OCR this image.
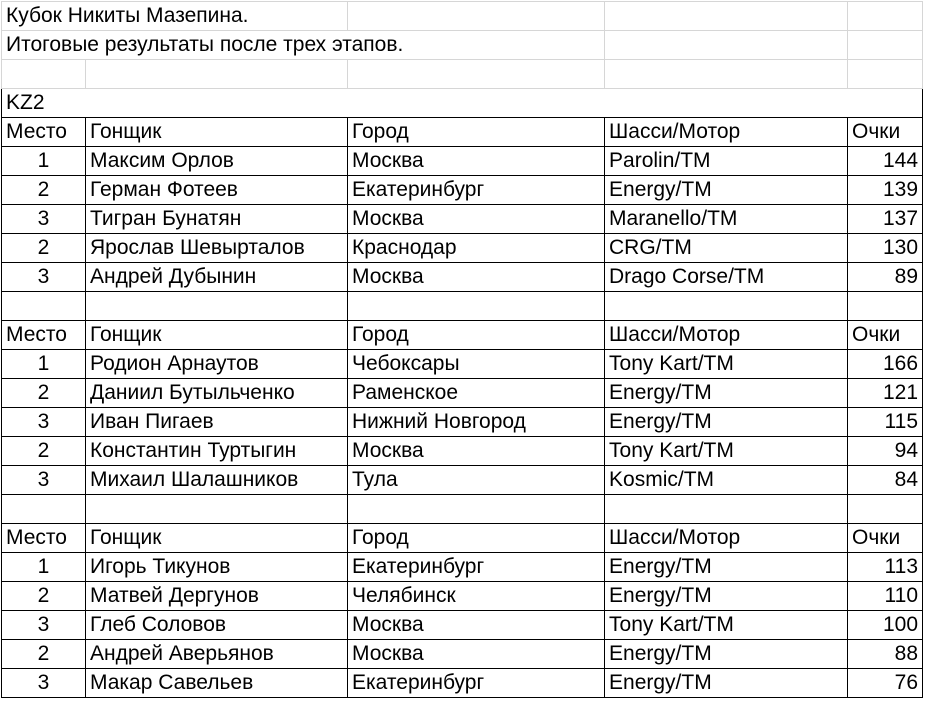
Кубок Никиты Мазепина.				
Итоговые результаты после трех этапов.				

KZ2				
Место	Гонщик	Город	Шасси/Мотор	Очки
1	Максим Орлов	Москва	Parolin/TM	144
2	Герман Фотеев	Екатеринбург	Energy/TM	139
3	Тигран Бунатян	Москва	Maranello/TM	137
2	Ярослав Шевырталов	Краснодар	CRG/TM	130
3	Андрей Дубынин	Москва	Drago Corse/TM	89

Место	Гонщик	Город	Шасси/Мотор	Очки
1	Родион Арнаутов	Чебоксары	Tony Kart/TM	166
2	Даниил Бутыльченко	Раменское	Energy/TM	121
3	Иван Пигаев	Нижний Новгород	Energy/TM	115
2	Константин Туртыгин	Москва	Tony Kart/TM	94
3	Михаил Шалашников	Тула	Kosmic/TM	84

Место	Гонщик	Город	Шасси/Мотор	Очки
1	Игорь Тикунов	Екатеринбург	Energy/TM	113
2	Матвей Дергунов	Челябинск	Energy/TM	110
3	Глеб Соловов	Москва	Tony Kart/TM	100
2	Андрей Аверьянов	Москва	Energy/TM	88
3	Макар Савельев	Екатеринбург	Energy/TM	76
